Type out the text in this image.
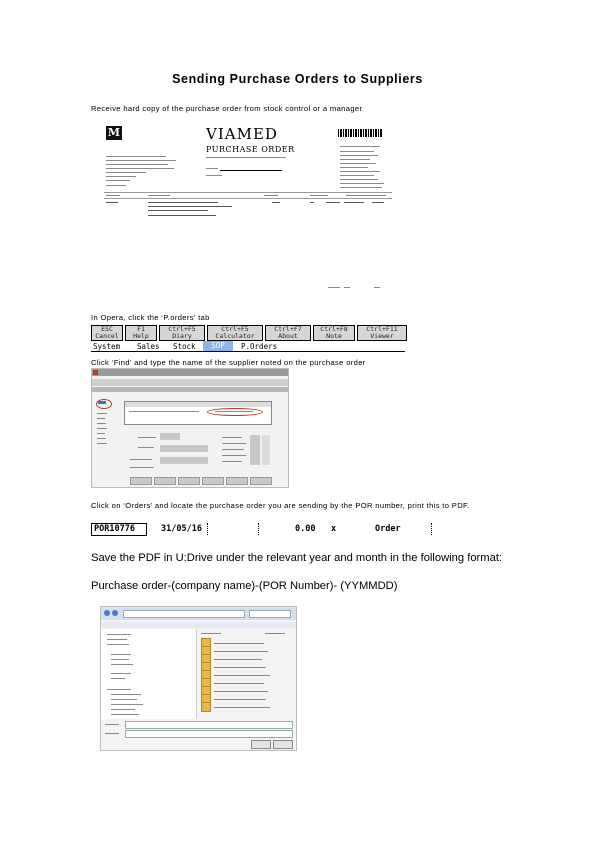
Sending Purchase Orders to Suppliers
Receive hard copy of the purchase order from stock control or a manager
M	VIAMED
PURCHASE ORDER
In Opera, click the ‘P.orders’ tab
ESC
Cancel
F1
Help
Ctrl+F5
Diary
Ctrl+F5
Calculator
Ctrl+F7
About
Ctrl+F8
Note
Ctrl+F11
Viewer
System Sales Stock	SOP	P.Orders
Click ‘Find’ and type the name of the supplier noted on the purchase order
Click on ‘Orders’ and locate the purchase order you are sending by the POR number, print this to PDF.
POR10776	31/05/16	0.00 x	Order
Save the PDF in U:Drive under the relevant year and month in the following format:
Purchase order-(company name)-(POR Number)- (YYMMDD)
